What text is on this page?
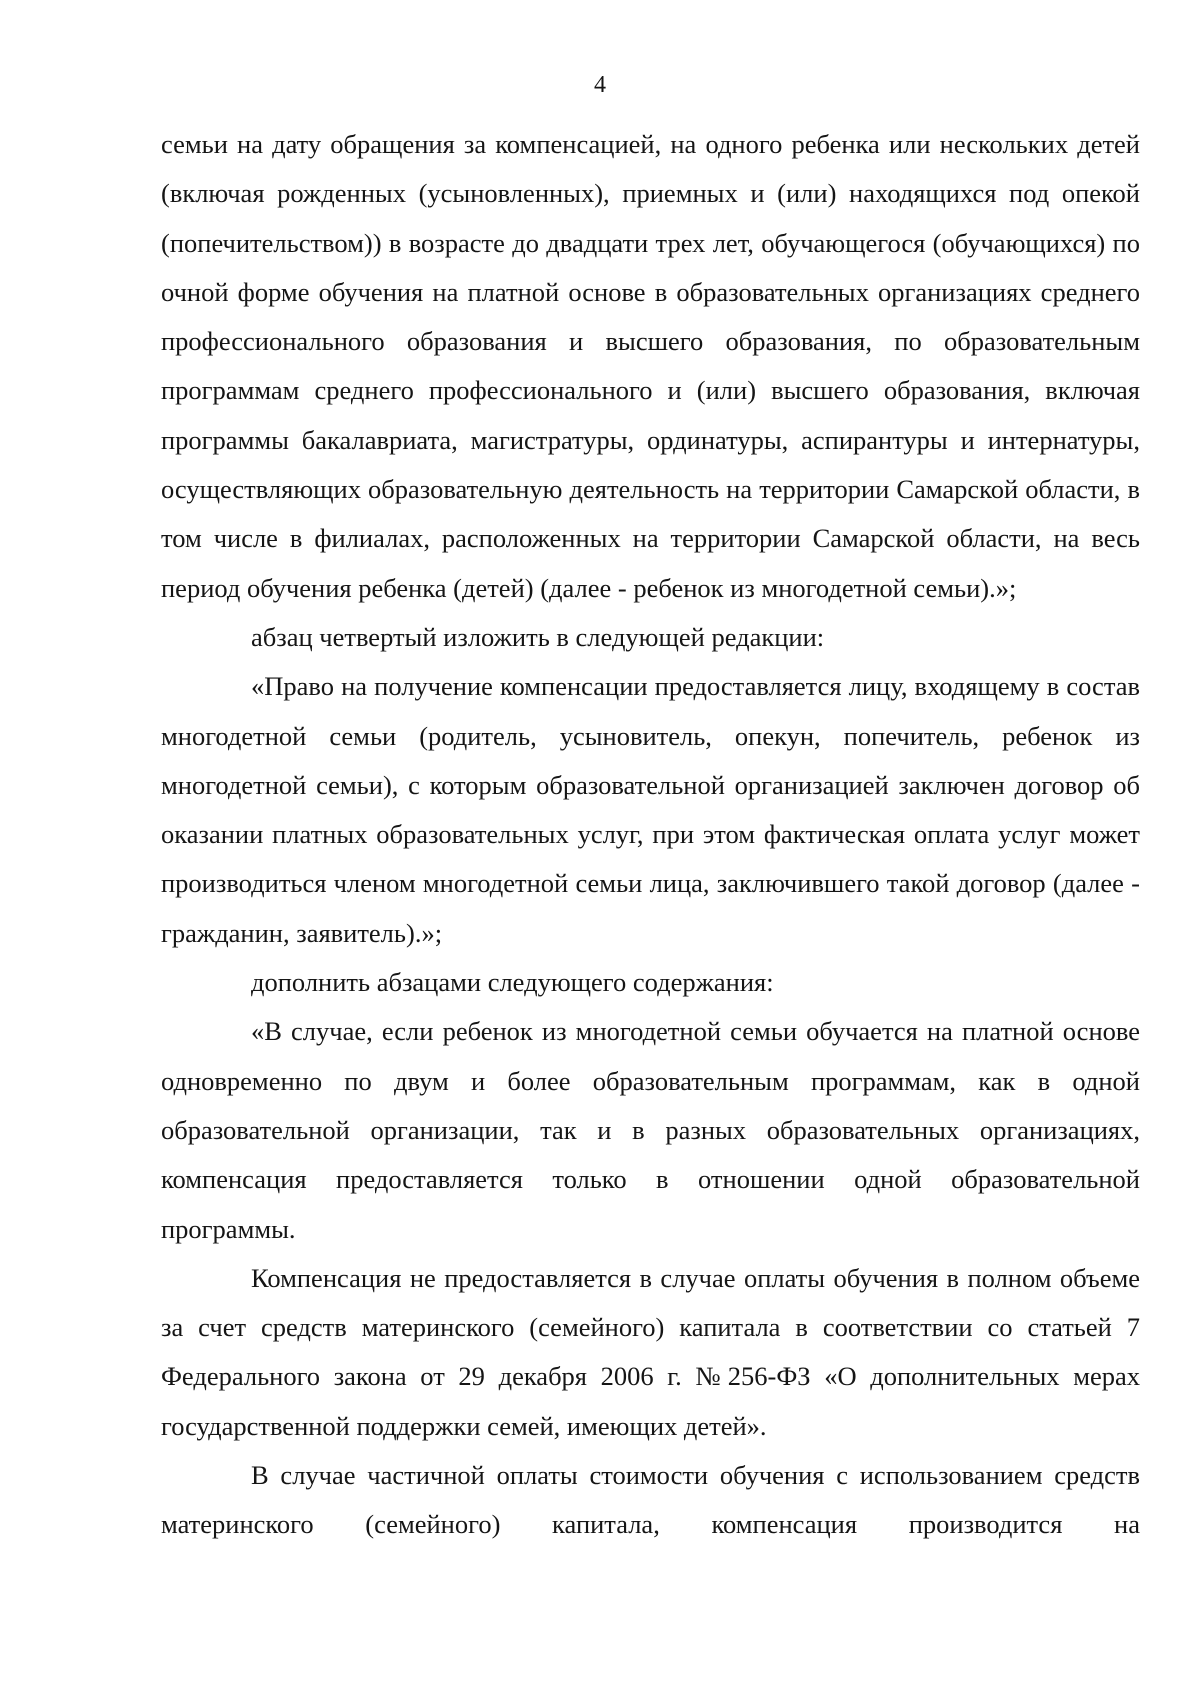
4

семьи на дату обращения за компенсацией, на одного ребенка или нескольких детей (включая рожденных (усыновленных), приемных и (или) находящихся под опекой (попечительством)) в возрасте до двадцати трех лет, обучающегося (обучающихся) по очной форме обучения на платной основе в образовательных организациях среднего профессионального образования и высшего образования, по образовательным программам среднего профессионального и (или) высшего образования, включая программы бакалавриата, магистратуры, ординатуры, аспирантуры и интернатуры, осуществляющих образовательную деятельность на территории Самарской области, в том числе в филиалах, расположенных на территории Самарской области, на весь период обучения ребенка (детей) (далее - ребенок из многодетной семьи).»;

абзац четвертый изложить в следующей редакции:

«Право на получение компенсации предоставляется лицу, входящему в состав многодетной семьи (родитель, усыновитель, опекун, попечитель, ребенок из многодетной семьи), с которым образовательной организацией заключен договор об оказании платных образовательных услуг, при этом фактическая оплата услуг может производиться членом многодетной семьи лица, заключившего такой договор (далее - гражданин, заявитель).»;

дополнить абзацами следующего содержания:

«В случае, если ребенок из многодетной семьи обучается на платной основе одновременно по двум и более образовательным программам, как в одной образовательной организации, так и в разных образовательных организациях, компенсация предоставляется только в отношении одной образовательной программы.

Компенсация не предоставляется в случае оплаты обучения в полном объеме за счет средств материнского (семейного) капитала в соответствии со статьей 7 Федерального закона от 29 декабря 2006 г. №256-ФЗ «О дополнительных мерах государственной поддержки семей, имеющих детей».

В случае частичной оплаты стоимости обучения с использованием средств материнского (семейного) капитала, компенсация производится на
